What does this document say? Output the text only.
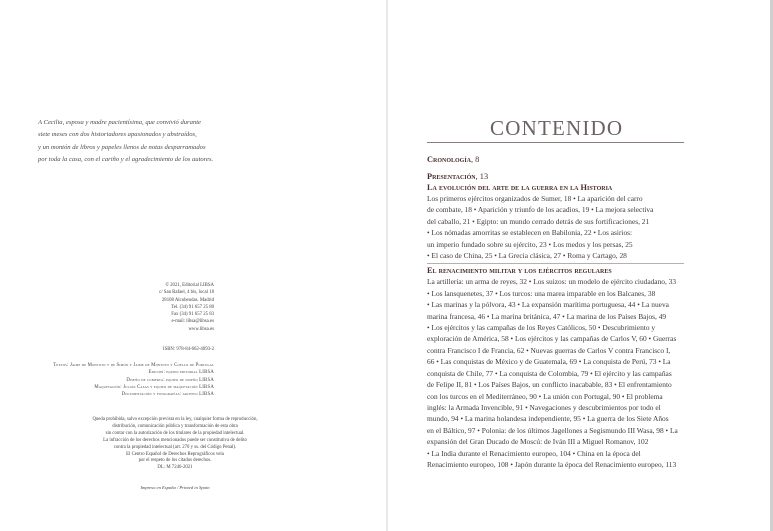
A Cecilia, esposa y madre pacientísima, que convivió durante
siete meses con dos historiadores apasionados y abstraídos,
y un montón de libros y papeles llenos de notas desparramados
por toda la casa, con el cariño y el agradecimiento de los autores.
© 2021, Editorial LIBSA
c/ San Rafael, 4 bis, local 18
28108 Alcobendas. Madrid
Tel. (34) 91 657 25 80
Fax (34) 91 657 25 83
e-mail: libsa@libsa.es
www.libsa.es
ISBN: 978-84-662-4093-2
Textos: Jaime de Montoto y de Simón y Jaime de Montoto y Coello de Portugal
Edición: equipo editorial LIBSA
Diseño de cubierta: equipo de diseño LIBSA
Maquetación: Julián Casas y equipo de maquetación LIBSA
Documentación y fotografías: archivo LIBSA
Queda prohibida, salvo excepción prevista en la ley, cualquier forma de reproducción,
distribución, comunicación pública y transformación de esta obra
sin contar con la autorización de los titulares de la propiedad intelectual.
La infracción de los derechos mencionados puede ser constitutiva de delito
contra la propiedad intelectual (art. 270 y ss. del Código Penal).
El Centro Español de Derechos Reprográficos vela
por el respeto de los citados derechos.
DL: M 7246-2021
Impreso en España / Printed in Spain
CONTENIDO
Cronología, 8
Presentación, 13
La evolución del arte de la guerra en la Historia
Los primeros ejércitos organizados de Sumer, 18 • La aparición del carro
de combate, 18 • Aparición y triunfo de los acadios, 19 • La mejora selectiva
del caballo, 21 • Egipto: un mundo cerrado detrás de sus fortificaciones, 21
• Los nómadas amorritas se establecen en Babilonia, 22 • Los asirios:
un imperio fundado sobre su ejército, 23 • Los medos y los persas, 25
• El caso de China, 25 • La Grecia clásica, 27 • Roma y Cartago, 28
El renacimiento militar y los ejércitos regulares
La artillería: un arma de reyes, 32 • Los suizos: un modelo de ejército ciudadano, 33
• Los lansquenetes, 37 • Los turcos: una marea imparable en los Balcanes, 38
• Las marinas y la pólvora, 43 • La expansión marítima portuguesa, 44 • La nueva
marina francesa, 46 • La marina británica, 47 • La marina de los Países Bajos, 49
• Los ejércitos y las campañas de los Reyes Católicos, 50 • Descubrimiento y
exploración de América, 58 • Los ejércitos y las campañas de Carlos V, 60 • Guerras
contra Francisco I de Francia, 62 • Nuevas guerras de Carlos V contra Francisco I,
66 • Las conquistas de México y de Guatemala, 69 • La conquista de Perú, 73 • La
conquista de Chile, 77 • La conquista de Colombia, 79 • El ejército y las campañas
de Felipe II, 81 • Los Países Bajos, un conflicto inacabable, 83 • El enfrentamiento
con los turcos en el Mediterráneo, 90 • La unión con Portugal, 90 • El problema
inglés: la Armada Invencible, 91 • Navegaciones y descubrimientos por todo el
mundo, 94 • La marina holandesa independiente, 95 • La guerra de los Siete Años
en el Báltico, 97 • Polonia: de los últimos Jagellones a Segismundo III Wasa, 98 • La
expansión del Gran Ducado de Moscú: de Iván III a Miguel Romanov, 102
• La India durante el Renacimiento europeo, 104 • China en la época del
Renacimiento europeo, 108 • Japón durante la época del Renacimiento europeo, 113
